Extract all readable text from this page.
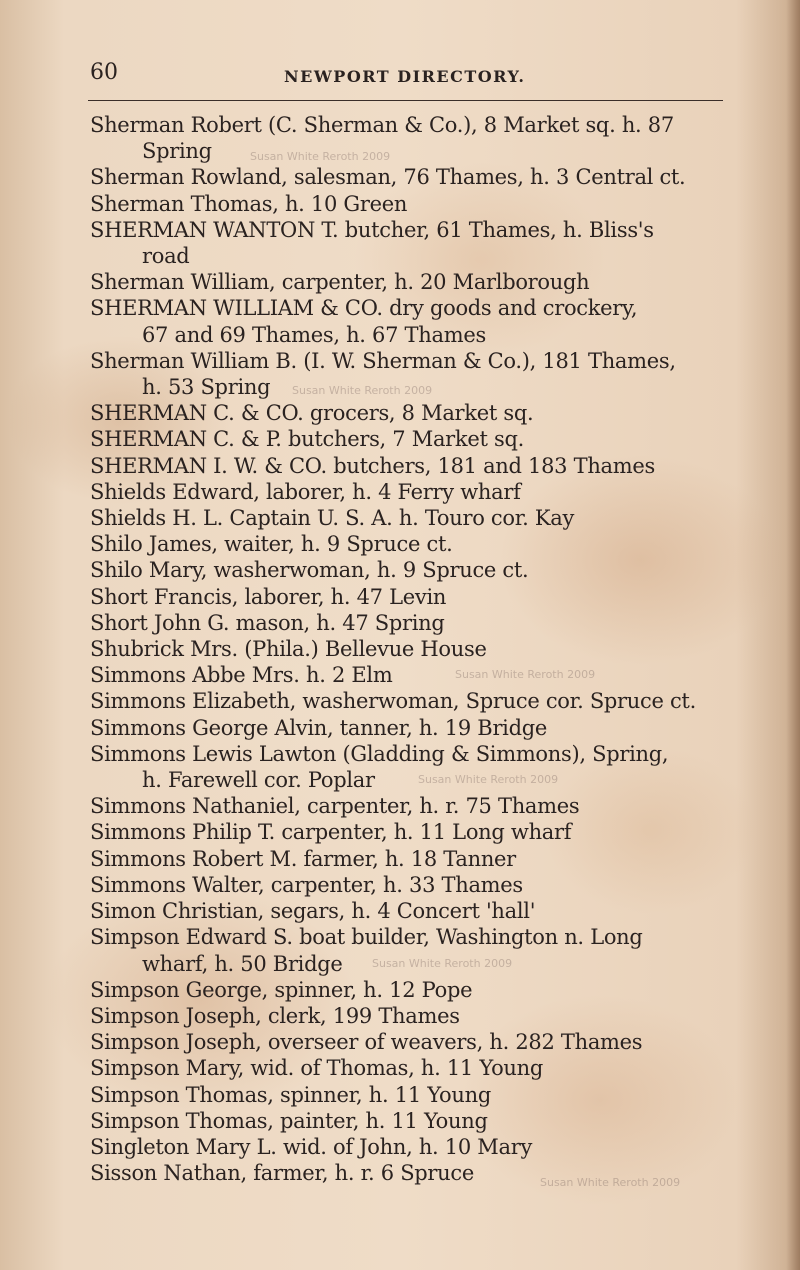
60	NEWPORT DIRECTORY.
Sherman Robert (C. Sherman & Co.), 8 Market sq. h. 87
Spring
Sherman Rowland, salesman, 76 Thames, h. 3 Central ct.
Sherman Thomas, h. 10 Green
SHERMAN WANTON T. butcher, 61 Thames, h. Bliss's
road
Sherman William, carpenter, h. 20 Marlborough
SHERMAN WILLIAM & CO. dry goods and crockery,
67 and 69 Thames, h. 67 Thames
Sherman William B. (I. W. Sherman & Co.), 181 Thames,
h. 53 Spring
SHERMAN C. & CO. grocers, 8 Market sq.
SHERMAN C. & P. butchers, 7 Market sq.
SHERMAN I. W. & CO. butchers, 181 and 183 Thames
Shields Edward, laborer, h. 4 Ferry wharf
Shields H. L. Captain U. S. A. h. Touro cor. Kay
Shilo James, waiter, h. 9 Spruce ct.
Shilo Mary, washerwoman, h. 9 Spruce ct.
Short Francis, laborer, h. 47 Levin
Short John G. mason, h. 47 Spring
Shubrick Mrs. (Phila.) Bellevue House
Simmons Abbe Mrs. h. 2 Elm
Simmons Elizabeth, washerwoman, Spruce cor. Spruce ct.
Simmons George Alvin, tanner, h. 19 Bridge
Simmons Lewis Lawton (Gladding & Simmons), Spring,
h. Farewell cor. Poplar
Simmons Nathaniel, carpenter, h. r. 75 Thames
Simmons Philip T. carpenter, h. 11 Long wharf
Simmons Robert M. farmer, h. 18 Tanner
Simmons Walter, carpenter, h. 33 Thames
Simon Christian, segars, h. 4 Concert 'hall'
Simpson Edward S. boat builder, Washington n. Long
wharf, h. 50 Bridge
Simpson George, spinner, h. 12 Pope
Simpson Joseph, clerk, 199 Thames
Simpson Joseph, overseer of weavers, h. 282 Thames
Simpson Mary, wid. of Thomas, h. 11 Young
Simpson Thomas, spinner, h. 11 Young
Simpson Thomas, painter, h. 11 Young
Singleton Mary L. wid. of John, h. 10 Mary
Sisson Nathan, farmer, h. r. 6 Spruce
Susan White Reroth 2009
Susan White Reroth 2009
Susan White Reroth 2009
Susan White Reroth 2009
Susan White Reroth 2009
Susan White Reroth 2009
